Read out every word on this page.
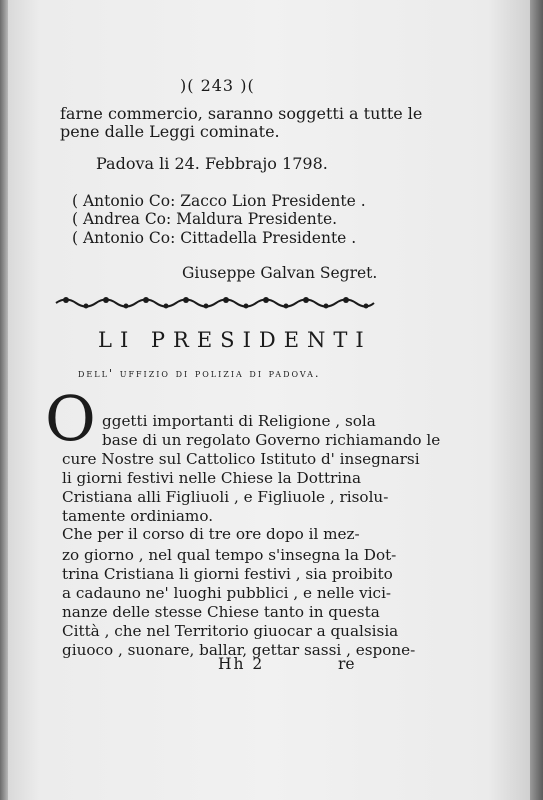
)( 243 )(
farne commercio, saranno soggetti a tutte le
pene dalle Leggi cominate.
Padova li 24. Febbrajo 1798.
( Antonio Co: Zacco Lion Presidente .
( Andrea Co: Maldura Presidente.
( Antonio Co: Cittadella Presidente .
Giuseppe Galvan Segret.
LI PRESIDENTI
dell' uffizio di polizia di padova.
O ggetti importanti di Religione , sola
base di un regolato Governo richiamando le
cure Nostre sul Cattolico Istituto d' insegnarsi
li giorni festivi nelle Chiese la Dottrina
Cristiana alli Figliuoli , e Figliuole , risolu-
tamente ordiniamo.
Che per il corso di tre ore dopo il mez-
zo giorno , nel qual tempo s'insegna la Dot-
trina Cristiana li giorni festivi , sia proibito
a cadauno ne' luoghi pubblici , e nelle vici-
nanze delle stesse Chiese tanto in questa
Città , che nel Territorio giuocar a qualsisia
giuoco , suonare, ballar, gettar sassi , espone-
Hh 2	re
